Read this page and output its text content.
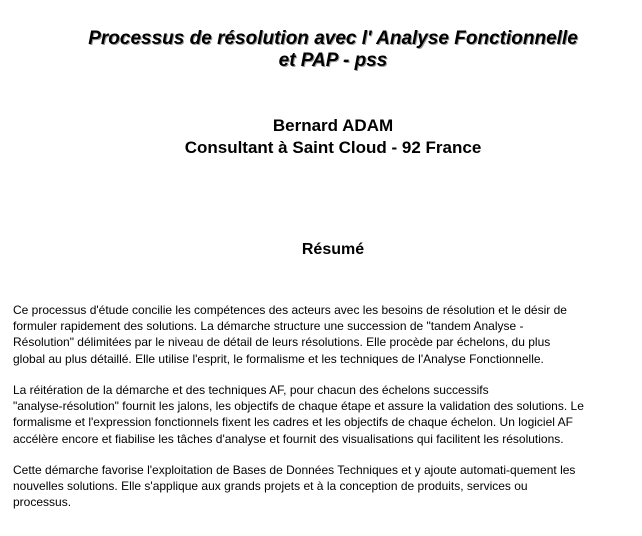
Processus de résolution avec l' Analyse Fonctionnelle
et PAP - pss
Bernard ADAM
Consultant à Saint Cloud - 92 France
Résumé

Ce processus d'étude concilie les compétences des acteurs avec les besoins de résolution et le désir de
formuler rapidement des solutions. La démarche structure une succession de "tandem Analyse -
Résolution" délimitées par le niveau de détail de leurs résolutions. Elle procède par échelons, du plus
global au plus détaillé. Elle utilise l'esprit, le formalisme et les techniques de l'Analyse Fonctionnelle.

La réitération de la démarche et des techniques AF, pour chacun des échelons successifs
"analyse-résolution" fournit les jalons, les objectifs de chaque étape et assure la validation des solutions. Le
formalisme et l'expression fonctionnels fixent les cadres et les objectifs de chaque échelon. Un logiciel AF
accélère encore et fiabilise les tâches d'analyse et fournit des visualisations qui facilitent les résolutions.

Cette démarche favorise l'exploitation de Bases de Données Techniques et y ajoute automati-quement les
nouvelles solutions. Elle s'applique aux grands projets et à la conception de produits, services ou
processus.
